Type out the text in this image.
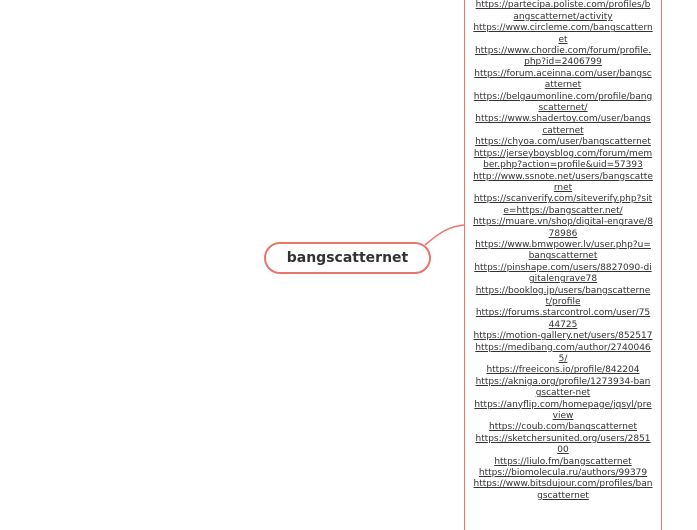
bangscatternet
https://partecipa.poliste.com/profiles/bangscatternet/activity
https://www.circleme.com/bangscatternet
https://www.chordie.com/forum/profile.php?id=2406799
https://forum.aceinna.com/user/bangscatternet
https://belgaumonline.com/profile/bangscatternet/
https://www.shadertoy.com/user/bangscatternet
https://chyoa.com/user/bangscatternet
https://jerseyboysblog.com/forum/member.php?action=profile&uid=57393
http://www.ssnote.net/users/bangscatternet
https://scanverify.com/siteverify.php?site=https://bangscatter.net/
https://muare.vn/shop/digital-engrave/878986
https://www.bmwpower.lv/user.php?u=bangscatternet
https://pinshape.com/users/8827090-digitalengrave78
https://booklog.jp/users/bangscatternet/profile
https://forums.starcontrol.com/user/7544725
https://motion-gallery.net/users/852517
https://medibang.com/author/27400465/
https://freeicons.io/profile/842204
https://akniga.org/profile/1273934-bangscatter-net
https://anyflip.com/homepage/jqsyl/preview
https://coub.com/bangscatternet
https://sketchersunited.org/users/285100
https://liulo.fm/bangscatternet
https://biomolecula.ru/authors/99379
https://www.bitsdujour.com/profiles/bangscatternet
